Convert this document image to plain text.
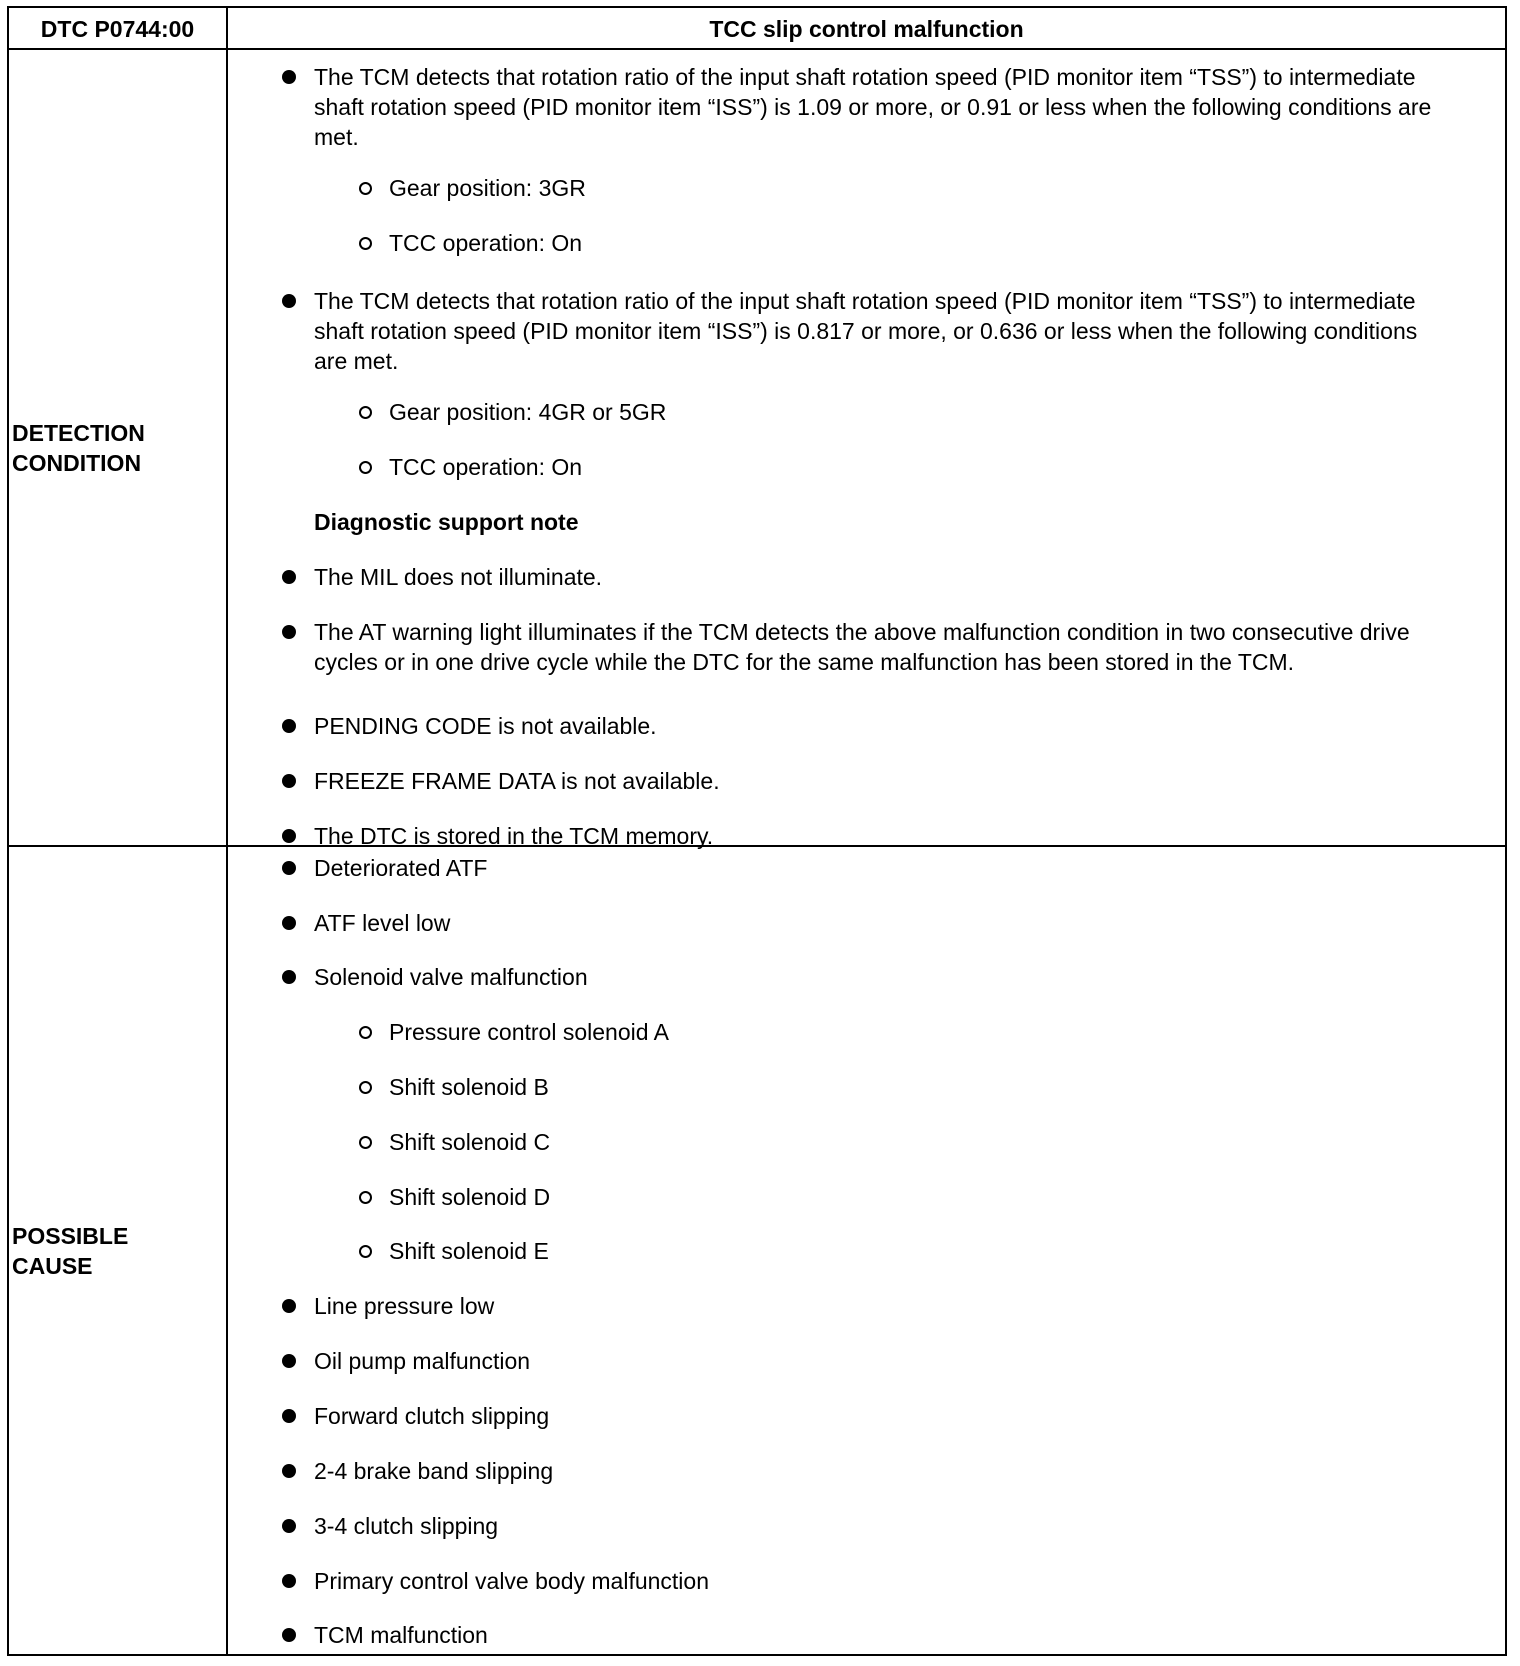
DTC P0744:00	TCC slip control malfunction
DETECTION
CONDITION
The TCM detects that rotation ratio of the input shaft rotation speed (PID monitor item “TSS”) to intermediate shaft rotation speed (PID monitor item “ISS”) is 1.09 or more, or 0.91 or less when the following conditions are met.
Gear position: 3GR
TCC operation: On
The TCM detects that rotation ratio of the input shaft rotation speed (PID monitor item “TSS”) to intermediate shaft rotation speed (PID monitor item “ISS”) is 0.817 or more, or 0.636 or less when the following conditions are met.
Gear position: 4GR or 5GR
TCC operation: On
Diagnostic support note
The MIL does not illuminate.
The AT warning light illuminates if the TCM detects the above malfunction condition in two consecutive drive cycles or in one drive cycle while the DTC for the same malfunction has been stored in the TCM.
PENDING CODE is not available.
FREEZE FRAME DATA is not available.
The DTC is stored in the TCM memory.
POSSIBLE
CAUSE
Deteriorated ATF
ATF level low
Solenoid valve malfunction
Pressure control solenoid A
Shift solenoid B
Shift solenoid C
Shift solenoid D
Shift solenoid E
Line pressure low
Oil pump malfunction
Forward clutch slipping
2-4 brake band slipping
3-4 clutch slipping
Primary control valve body malfunction
TCM malfunction
